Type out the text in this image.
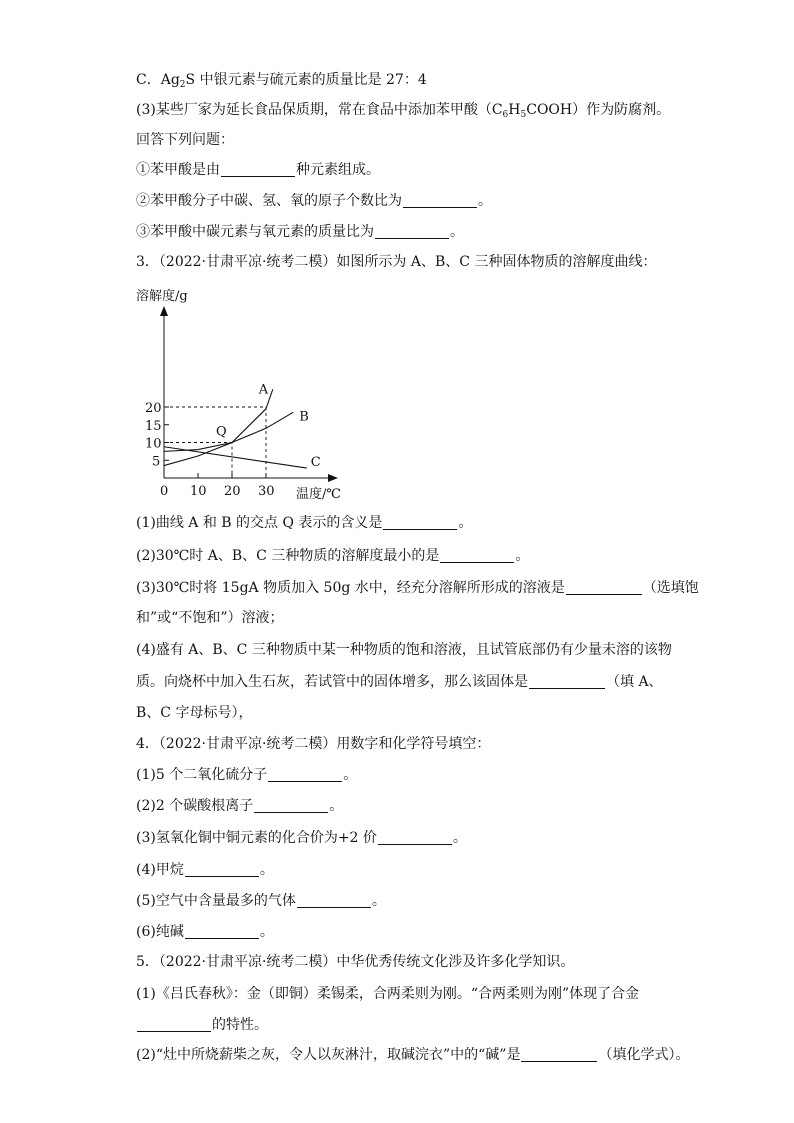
C．$Ag_2S$ 中银元素与硫元素的质量比是 27：4
(3)某些厂家为延长食品保质期，常在食品中添加苯甲酸$(C_6H_5COOH)$作为防腐剂。
回答下列问题：
①苯甲酸是由	种元素组成。
②苯甲酸分子中碳、氢、氧的原子个数比为	。
③苯甲酸中碳元素与氧元素的质量比为	。
3．（2022·甘肃平凉·统考二模）如图所示为 A、B、C 三种固体物质的溶解度曲线：
溶解度/g
温度/℃
0 10 20 30
5
10
15
20
A
B
C
Q
(1)曲线 A 和 B 的交点 Q 表示的含义是	。
(2)30℃时 A、B、C 三种物质的溶解度最小的是	。
(3)30℃时将 15gA 物质加入 50g 水中，经充分溶解所形成的溶液是	（选填饱
和”或“不饱和”）溶液；
(4)盛有 A、B、C 三种物质中某一种物质的饱和溶液，且试管底部仍有少量未溶的该物
质。向烧杯中加入生石灰，若试管中的固体增多，那么该固体是	（填 A、
B、C 字母标号），
4．（2022·甘肃平凉·统考二模）用数字和化学符号填空：
(1)5 个二氧化硫分子	。
(2)2 个碳酸根离子	。
(3)氢氧化铜中铜元素的化合价为+2 价	。
(4)甲烷	。
(5)空气中含量最多的气体	。
(6)纯碱	。
5．（2022·甘肃平凉·统考二模）中华优秀传统文化涉及许多化学知识。
(1)《吕氏春秋》：金（即铜）柔锡柔，合两柔则为刚。“合两柔则为刚”体现了合金
的特性。
(2)“灶中所烧薪柴之灰，令人以灰淋汁，取碱浣衣”中的“碱”是	（填化学式）。
